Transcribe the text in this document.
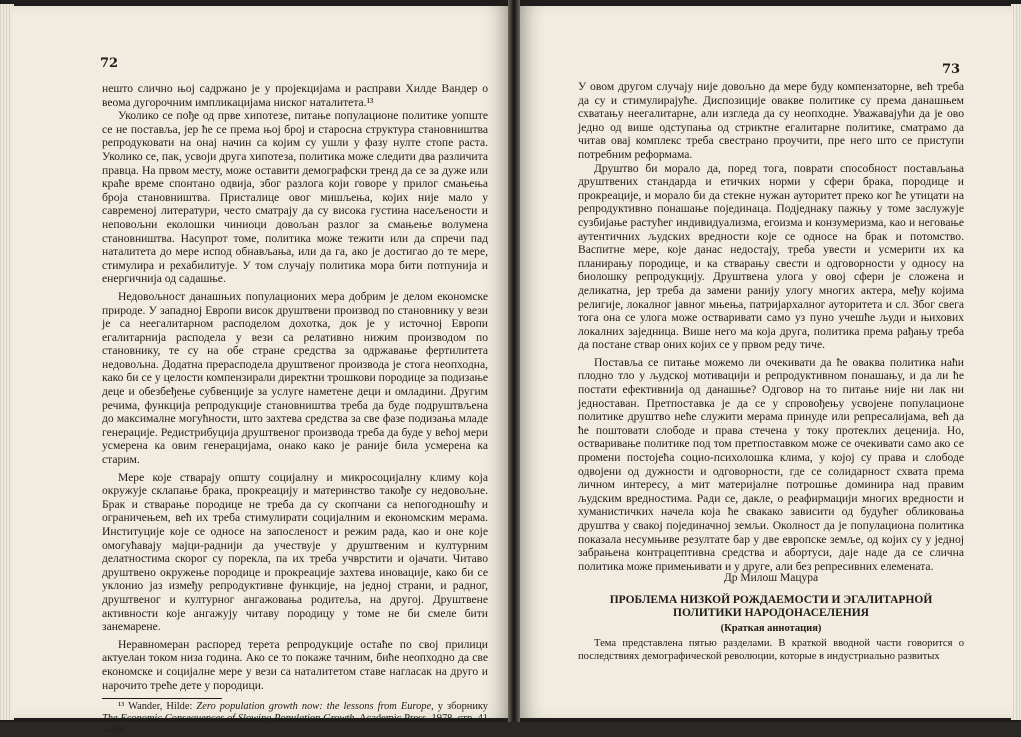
72

нешто слично њој садржано је у пројекцијама и расправи Хилде Вандер о веома дугорочним импликацијама ниског наталитета.¹³

Уколико се пође од прве хипотезе, питање популационе политике уопште се не поставља, јер ће се према њој број и старосна структура становништва репродуковати на онај начин са којим су ушли у фазу нулте стопе раста. Уколико се, пак, усвоји друга хипотеза, политика може следити два различита правца. На првом месту, може оставити демографски тренд да се за дуже или краће време спонтано одвија, због разлога који говоре у прилог смањења броја становништва. Присталице овог мишљења, којих није мало у савременој литератури, често сматрају да су висока густина насељености и неповољни еколошки чиниоци довољан разлог за смањење волумена становништва. Насупрот томе, политика може тежити или да спречи пад наталитета до мере испод обнављања, или да га, ако је достигао до те мере, стимулира и рехабилитује. У том случају политика мора бити потпунија и енергичнија од садашње.

Недовољност данашњих популационих мера добрим је делом економске природе. У западној Европи висок друштвени производ по становнику у вези је са неегалитарном расподелом дохотка, док је у источној Европи егалитарнија расподела у вези са релативно нижим производом по становнику, те су на обе стране средства за одржавање фертилитета недовољна. Додатна прерасподела друштвеног производа је стога неопходна, како би се у целости компензирали директни трошкови породице за подизање деце и обезбеђење субвенције за услуге наметене деци и омладини. Другим речима, функција репродукције становништва треба да буде подруштвљена до максималне могућности, што захтева средства за све фазе подизања младе генерације. Редистрибуција друштвеног производа треба да буде у већој мери усмерена ка овим генерацијама, онако како је раније била усмерена ка старим.

Мере које стварају општу социјалну и микросоцијалну климу која окружује склапање брака, прокреацију и материнство такође су недовољне. Брак и стварање породице не треба да су скопчани са непогодношћу и ограничењем, већ их треба стимулирати социјалним и економским мерама. Институције које се односе на запосленост и режим рада, као и оне које омогућавају мајци-раднији да учествује у друштвеним и културним делатностима скорог су порекла, па их треба учврстити и ојачати. Читаво друштвено окружење породице и прокреације захтева иновације, како би се уклонио јаз између репродуктивне функције, на једној страни, и радног, друштвеног и културног ангажовања родитеља, на другој. Друштвене активности које ангажују читаву породицу у томе не би смеле бити занемарене.

Неравномеран распоред терета репродукције остаће по свој прилици актуелан током низа година. Ако се то покаже тачним, биће неопходно да све економске и социјалне мере у вези са наталитетом ставе нагласак на друго и нарочито треће дете у породици.

¹³ Wander, Hilde: Zero population growth now: the lessons from Europe, у зборнику The Economic Consequences of Slowing Population Growth, Academic Press, 1978, стр. 41—69.

73

У овом другом случају није довољно да мере буду компензаторне, већ треба да су и стимулирајуће. Диспозиције овакве политике су према данашњем схватању неегалитарне, али изгледа да су неопходне. Уважавајући да је ово једно од више одступања од стриктне егалитарне политике, сматрамо да читав овај комплекс треба свестрано проучити, пре него што се приступи потребним реформама.

Друштво би морало да, поред тога, поврати способност постављања друштвених стандарда и етичких норми у сфери брака, породице и прокреације, и морало би да стекне нужан ауторитет преко ког ће утицати на репродуктивно понашање појединаца. Подједнаку пажњу у томе заслужује сузбијање растућег индивидуализма, егоизма и конзумеризма, као и неговање аутентичних људских вредности које се односе на брак и потомство. Васпитне мере, које данас недостају, треба увести и усмерити их ка планирању породице, и ка стварању свести и одговорности у односу на биолошку репродукцију. Друштвена улога у овој сфери је сложена и деликатна, јер треба да замени ранију улогу многих актера, међу којима религије, локалног јавног мњења, патријархалног ауторитета и сл. Због свега тога она се улога може остваривати само уз пуно учешће људи и њихових локалних заједница. Више него ма која друга, политика према рађању треба да постане ствар оних којих се у првом реду тиче.

Поставља се питање можемо ли очекивати да ће оваква политика наћи плодно тло у људској мотивацији и репродуктивном понашању, и да ли ће постати ефективнија од данашње? Одговор на то питање није ни лак ни једноставан. Претпоставка је да се у спровођењу усвојене популационе политике друштво неће служити мерама принуде или репресалијама, већ да ће поштовати слободе и права стечена у току протеклих деценија. Но, остваривање политике под том претпоставком може се очекивати само ако се промени постојећа социо-психолошка клима, у којој су права и слободе одвојени од дужности и одговорности, где се солидарност схвата према личном интересу, а мит материјалне потрошње доминира над правим људским вредностима. Ради се, дакле, о реафирмацији многих вредности и хуманистичких начела која ће свакако зависити од будућег обликовања друштва у свакој појединачној земљи. Околност да је популациона политика показала несумњиве резултате бар у две европске земље, од којих су у једној забрањена контрацептивна средства и абортуси, даје наде да се слична политика може примењивати и у друге, али без репресивних елемената.

Др Милош Мацура
ПРОБЛЕМА НИЗКОЙ РОЖДАЕМОСТИ И ЭГАЛИТАРНОЙ ПОЛИТИКИ НАРОДОНАСЕЛЕНИЯ
(Краткая аннотация)
Тема представлена пятью разделами. В краткой вводной части говорится о последствиях демографической революции, которые в индустриально развитых
